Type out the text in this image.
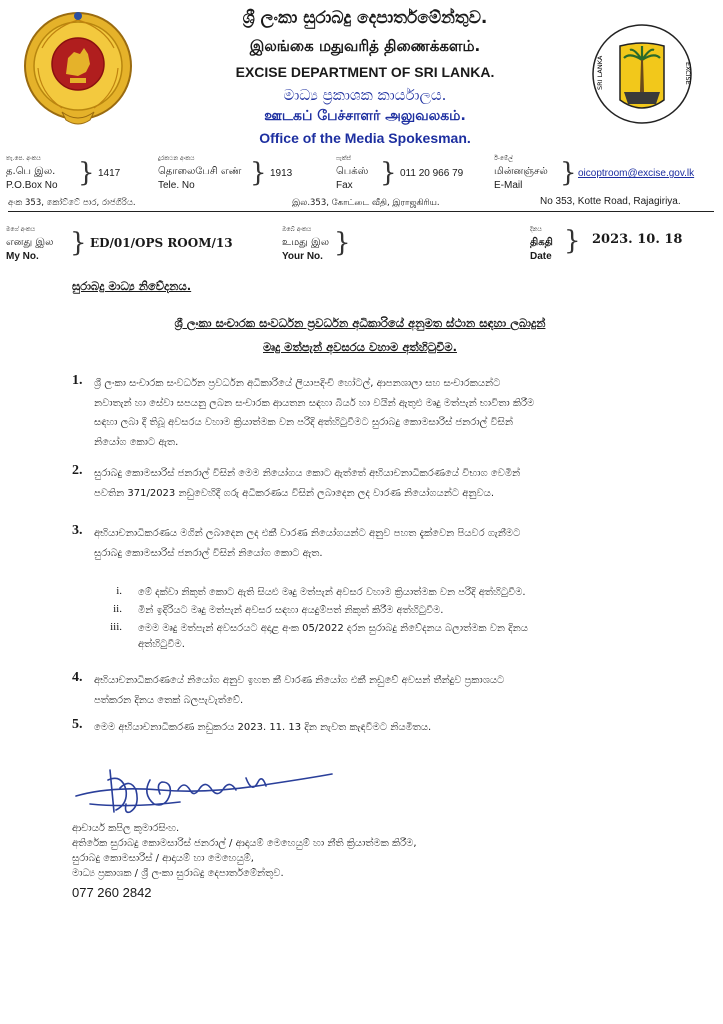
SRI LANKA	EXCISE
ශ්‍රී ලංකා සුරාබදු දෙපාර්තමේන්තුව.
இலங்கை மதுவரித் திணைக்களம்.
EXCISE DEPARTMENT OF SRI LANKA.
මාධ්‍ය ප්‍රකාශක කාර්යාලය.
ஊடகப் பேச்சாளர் அலுவலகம்.
Office of the Media Spokesman.
තැ.පෙ. අංකය
த.பெ இல.
P.O.Box No } 1417
දුරකථන අංකය
தொலைபேசி எண்
Tele. No } 1913
ෆැක්ස්
பெக்ஸ்
Fax } 011 20 966 79
ඊ-මේල්
மின்னஞ்சல்
E-Mail } oicoptroom@excise.gov.lk
අංක 353, කෝට්ටේ පාර, රාජගිරිය.	இல.353, கோட்டை வீதி, இராஜகிரிய.	No 353, Kotte Road, Rajagiriya.
මගේ අංකය
எனது இல
My No. } ED/01/OPS ROOM/13
ඔබේ අංකය
உமது இல
Your No. }	දිනය
திகதி
Date
} 2023. 10. 18
සුරාබදු මාධ්‍ය නිවේදනය.
ශ්‍රී ලංකා සංචාරක සංවර්ධන ප්‍රවර්ධන අධිකාරියේ අනුමත ස්ථාන සඳහා ලබාදුන්
මෘදු මත්පැන් අවසරය වහාම අත්හිටුවීම.
1. ශ්‍රී ලංකා සංචාරක සංවර්ධන ප්‍රවර්ධන අධිකාරියේ ලියාපදිංචි හෝටල්, ආපනශාලා සහ සංචාරකයන්ට
නවාතැන් හා සේවා සපයනු ලබන සංචාරක ආයතන සඳහා බියර් හා වයින් ඇතුළු මෘදු මත්පැන් භාවිතා කිරීම
සඳහා ලබා දී තිබූ අවසරය වහාම ක්‍රියාත්මක වන පරිදි අත්හිටුවීමට සුරාබදු කොමසාරිස් ජනරාල් විසින්
නියෝග කොට ඇත.
2. සුරාබදු කොමසාරිස් ජනරාල් විසින් මෙම නියෝගය කොට ඇත්තේ අභියාචනාධිකරණයේ විභාග වෙමින්
පවතින 371/2023 නඩුවෙහිදී ගරු අධිකරණය විසින් ලබාදෙන ලද වාරණ නියෝගයන්ට අනුවය.
3. අභියාචනාධිකරණය මගින් ලබාදෙන ලද එකී වාරණ නියෝගයන්ට අනුව පහත දැක්වෙන පියවර ගැනීමට
සුරාබදු කොමසාරිස් ජනරාල් විසින් නියෝග කොට ඇත.
i. මේ දක්වා නිකුත් කොට ඇති සියළු මෘදු මත්පැන් අවසර වහාම ක්‍රියාත්මක වන පරිදි අත්හිටුවීම.
ii. මින් ඉදිරියට මෘදු මත්පැන් අවසර සඳහා අයදුම්පත් නිකුත් කිරීම අත්හිටුවීම.
iii. මෙම මෘදු මත්පැන් අවසරයට අදාළ අංක 05/2022 දරන සුරාබදු නිවේදනය බලාත්මක වන දිනය
අත්හිටුවීම.
4. අභියාචනාධිකරණයේ නියෝග අනුව ඉහත කී වාරණ නියෝග එකී නඩුවේ අවසන් තීන්දුව ප්‍රකාශයට
පත්කරන දිනය තෙක් බලපැවැත්වේ.
5. මෙම අභියාචනාධිකරණ නඩුකරය 2023. 11. 13 දින නැවත කැඳවීමට නියමිතය.
ආචාර්ය කපිල කුමාරසිංහ.
අතිරේක සුරාබදු කොමසාරිස් ජනරාල් / ආදායම් මෙහෙයුම් හා නීති ක්‍රියාත්මක කිරීම,
සුරාබදු කොමසාරිස් / ආදායම් හා මෙහෙයුම්,
මාධ්‍ය ප්‍රකාශක / ශ්‍රී ලංකා සුරාබදු දෙපාර්තමේන්තුව.
077 260 2842
